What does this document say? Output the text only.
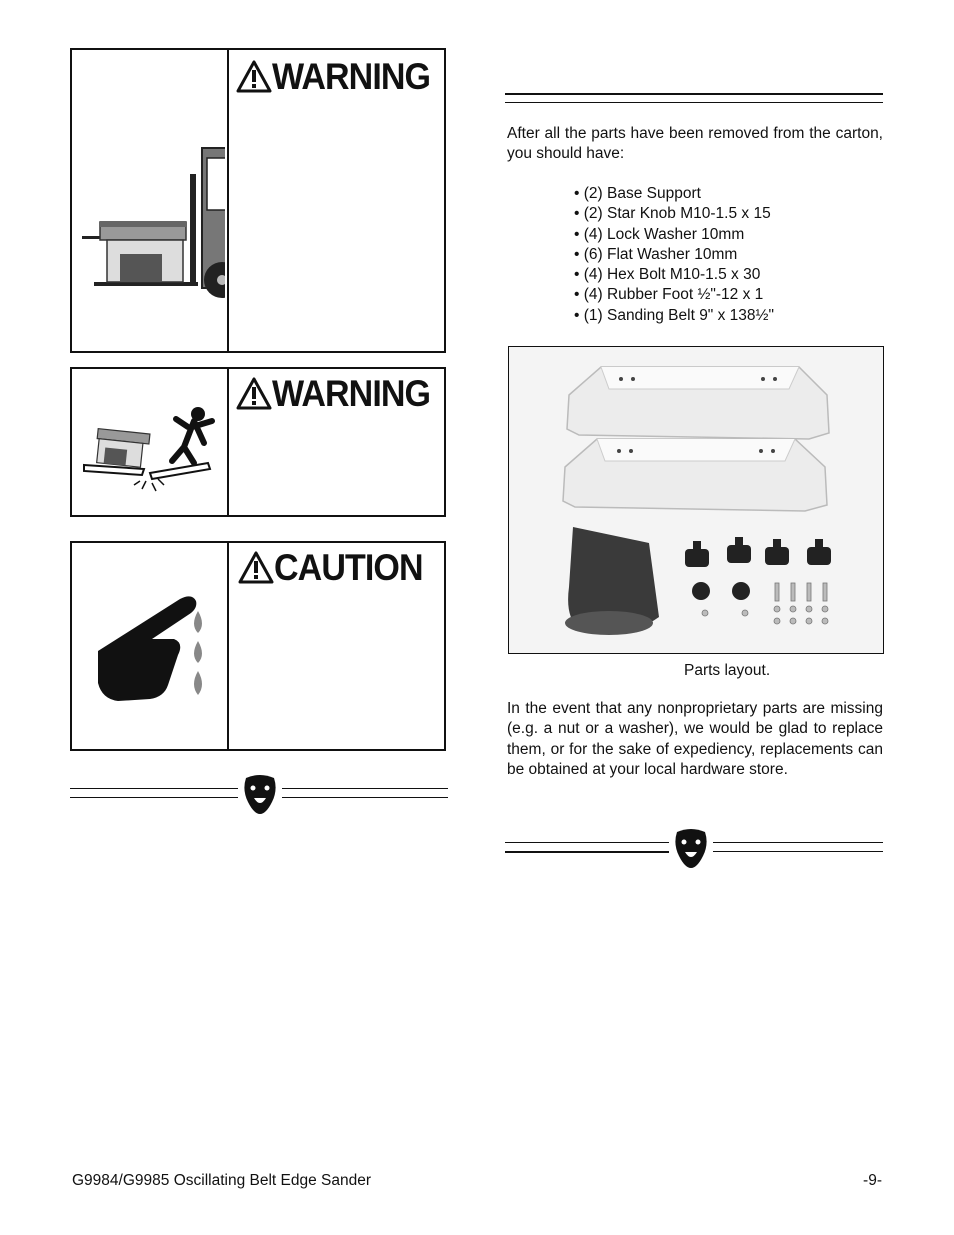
WARNING
WARNING
CAUTION
After all the parts have been removed from the carton, you should have:
• (2) Base Support
• (2) Star Knob M10-1.5 x 15
• (4) Lock Washer 10mm
• (6) Flat Washer 10mm
• (4) Hex Bolt M10-1.5 x 30
• (4) Rubber Foot ½"-12 x 1
• (1) Sanding Belt 9" x 138½"
Parts layout.
In the event that any nonproprietary parts are missing (e.g. a nut or a washer), we would be glad to replace them, or for the sake of expediency, replacements can be obtained at your local hardware store.
G9984/G9985 Oscillating Belt Edge Sander	-9-
